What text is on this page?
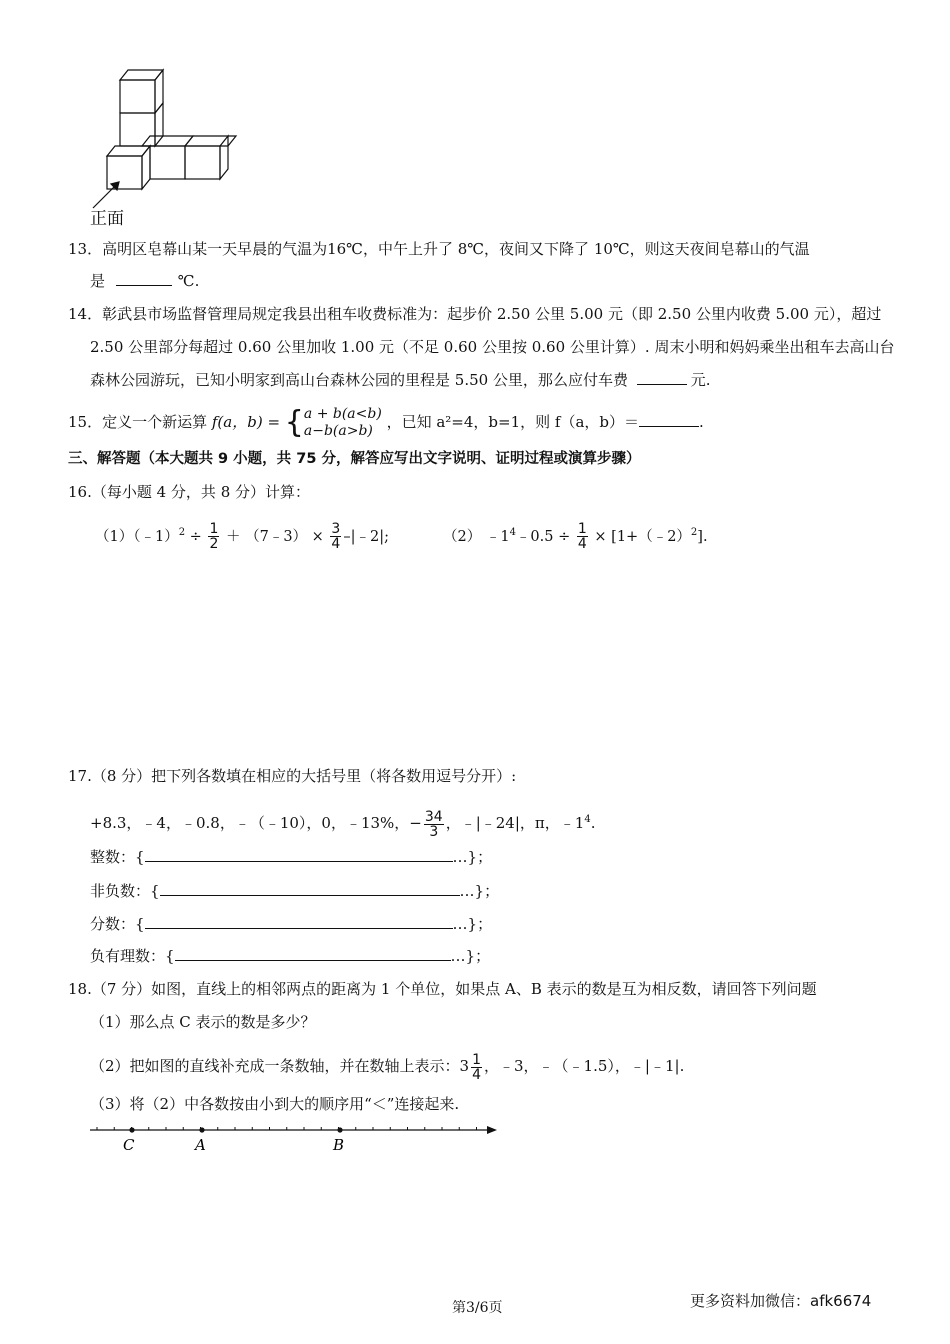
正面
13．高明区皂幕山某一天早晨的气温为16℃，中午上升了 8℃，夜间又下降了 10℃，则这天夜间皂幕山的气温
是	℃.
14．彰武县市场监督管理局规定我县出租车收费标准为：起步价 2.50 公里 5.00 元（即 2.50 公里内收费 5.00 元），超过
2.50 公里部分每超过 0.60 公里加收 1.00 元（不足 0.60 公里按 0.60 公里计算）. 周末小明和妈妈乘坐出租车去高山台
森林公园游玩，已知小明家到高山台森林公园的里程是 5.50 公里，那么应付车费	元.
15．定义一个新运算 f(a，b) = { a + b(a<b)
a−b(a>b) ，已知 a²=4，b=1，则 f（a，b）＝	.
三、解答题（本大题共 9 小题，共 75 分，解答应写出文字说明、证明过程或演算步骤）
16.（每小题 4 分，共 8 分）计算：
（1）（﹣1）$^2$ ÷ $\frac{1}{2}$ ＋ （7﹣3） × $\frac{3}{4}$ –|﹣2|;	（2） $﹣1^4﹣0.5 \div \frac{1}{4}$ × [1+（﹣2）$^2$].
17.（8 分）把下列各数填在相应的大括号里（将各数用逗号分开）:
+8.3，﹣4，﹣0.8，﹣（﹣10），0，﹣13%，− $\frac{34}{3}$ ，﹣|﹣24|，π，$﹣1^4$.
整数：{	…}；
非负数：{	…}；
分数：{	…}；
负有理数：{	…}；
18.（7 分）如图，直线上的相邻两点的距离为 1 个单位，如果点 A、B 表示的数是互为相反数，请回答下列问题
（1）那么点 C 表示的数是多少？
（2）把如图的直线补充成一条数轴，并在数轴上表示：$3 \frac{1}{4}$ ，﹣3，﹣（﹣1.5），﹣|﹣1|.
（3）将（2）中各数按由小到大的顺序用“＜”连接起来.
C	A	B
第3/6页	更多资料加微信：afk6674
